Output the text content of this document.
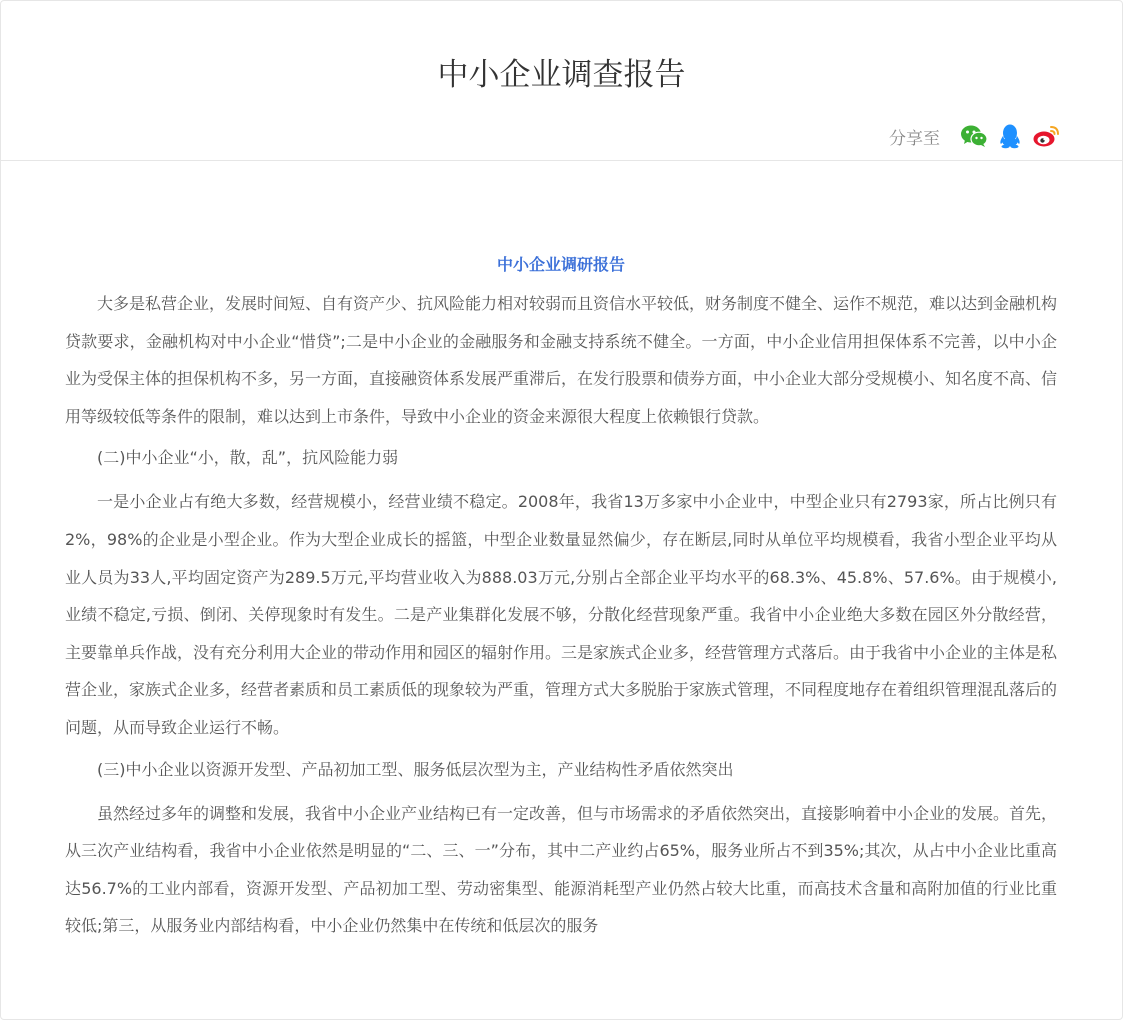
中小企业调查报告
分享至
中小企业调研报告

大多是私营企业，发展时间短、自有资产少、抗风险能力相对较弱而且资信水平较低，财务制度不健全、运作不规范，难以达到金融机构贷款要求，金融机构对中小企业“惜贷”;二是中小企业的金融服务和金融支持系统不健全。一方面，中小企业信用担保体系不完善，以中小企业为受保主体的担保机构不多，另一方面，直接融资体系发展严重滞后，在发行股票和债券方面，中小企业大部分受规模小、知名度不高、信用等级较低等条件的限制，难以达到上市条件，导致中小企业的资金来源很大程度上依赖银行贷款。

(二)中小企业“小，散，乱”，抗风险能力弱

一是小企业占有绝大多数，经营规模小，经营业绩不稳定。2008年，我省13万多家中小企业中，中型企业只有2793家，所占比例只有2%，98%的企业是小型企业。作为大型企业成长的摇篮，中型企业数量显然偏少，存在断层,同时从单位平均规模看，我省小型企业平均从业人员为33人,平均固定资产为289.5万元,平均营业收入为888.03万元,分别占全部企业平均水平的68.3%、45.8%、57.6%。由于规模小,业绩不稳定,亏损、倒闭、关停现象时有发生。二是产业集群化发展不够，分散化经营现象严重。我省中小企业绝大多数在园区外分散经营，主要靠单兵作战，没有充分利用大企业的带动作用和园区的辐射作用。三是家族式企业多，经营管理方式落后。由于我省中小企业的主体是私营企业，家族式企业多，经营者素质和员工素质低的现象较为严重，管理方式大多脱胎于家族式管理，不同程度地存在着组织管理混乱落后的问题，从而导致企业运行不畅。

(三)中小企业以资源开发型、产品初加工型、服务低层次型为主，产业结构性矛盾依然突出

虽然经过多年的调整和发展，我省中小企业产业结构已有一定改善，但与市场需求的矛盾依然突出，直接影响着中小企业的发展。首先，从三次产业结构看，我省中小企业依然是明显的“二、三、一”分布，其中二产业约占65%，服务业所占不到35%;其次，从占中小企业比重高达56.7%的工业内部看，资源开发型、产品初加工型、劳动密集型、能源消耗型产业仍然占较大比重，而高技术含量和高附加值的行业比重较低;第三，从服务业内部结构看，中小企业仍然集中在传统和低层次的服务
